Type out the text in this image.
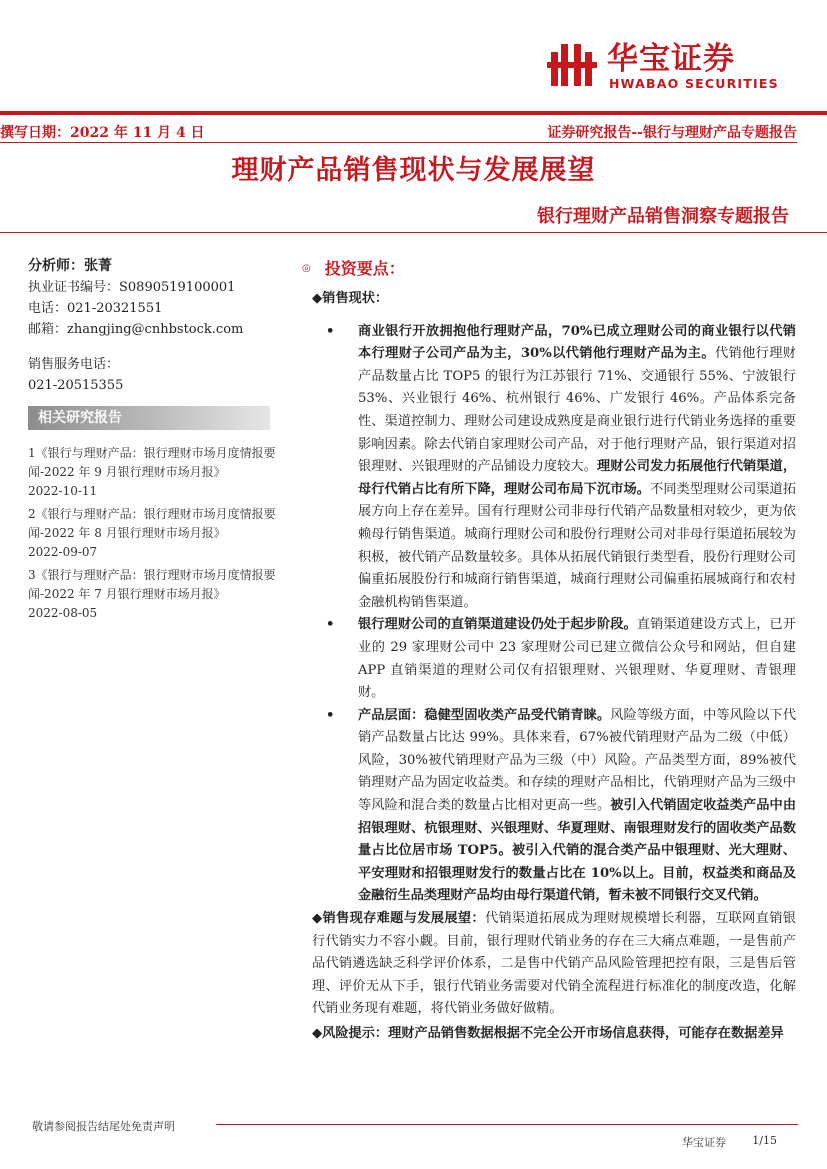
华宝证券
HWABAO SECURITIES
撰写日期：2022 年 11 月 4 日	证券研究报告--银行与理财产品专题报告
理财产品销售现状与发展展望
银行理财产品销售洞察专题报告
分析师：张菁
执业证书编号：S0890519100001
电话：021-20321551
邮箱：zhangjing@cnhbstock.com
销售服务电话：
021-20515355
相关研究报告
1《银行与理财产品：银行理财市场月度情报要闻-2022 年 9 月银行理财市场月报》
2022-10-11
2《银行与理财产品：银行理财市场月度情报要闻-2022 年 8 月银行理财市场月报》
2022-09-07
3《银行与理财产品：银行理财市场月度情报要闻-2022 年 7 月银行理财市场月报》
2022-08-05
◎ 投资要点：
◆销售现状：
• 商业银行开放拥抱他行理财产品，70%已成立理财公司的商业银行以代销本行理财子公司产品为主，30%以代销他行理财产品为主。代销他行理财产品数量占比 TOP5 的银行为江苏银行 71%、交通银行 55%、宁波银行 53%、兴业银行 46%、杭州银行 46%、广发银行 46%。产品体系完备性、渠道控制力、理财公司建设成熟度是商业银行进行代销业务选择的重要影响因素。除去代销自家理财公司产品，对于他行理财产品，银行渠道对招银理财、兴银理财的产品铺设力度较大。理财公司发力拓展他行代销渠道，母行代销占比有所下降，理财公司布局下沉市场。不同类型理财公司渠道拓展方向上存在差异。国有行理财公司非母行代销产品数量相对较少，更为依赖母行销售渠道。城商行理财公司和股份行理财公司对非母行渠道拓展较为积极，被代销产品数量较多。具体从拓展代销银行类型看，股份行理财公司偏重拓展股份行和城商行销售渠道，城商行理财公司偏重拓展城商行和农村金融机构销售渠道。
• 银行理财公司的直销渠道建设仍处于起步阶段。直销渠道建设方式上，已开业的 29 家理财公司中 23 家理财公司已建立微信公众号和网站，但自建 APP 直销渠道的理财公司仅有招银理财、兴银理财、华夏理财、青银理财。
• 产品层面：稳健型固收类产品受代销青睐。风险等级方面，中等风险以下代销产品数量占比达 99%。具体来看，67%被代销理财产品为二级（中低）风险，30%被代销理财产品为三级（中）风险。产品类型方面，89%被代销理财产品为固定收益类。和存续的理财产品相比，代销理财产品为三级中等风险和混合类的数量占比相对更高一些。被引入代销固定收益类产品中由招银理财、杭银理财、兴银理财、华夏理财、南银理财发行的固收类产品数量占比位居市场 TOP5。被引入代销的混合类产品中银理财、光大理财、平安理财和招银理财发行的数量占比在 10%以上。目前，权益类和商品及金融衍生品类理财产品均由母行渠道代销，暂未被不同银行交叉代销。
◆销售现存难题与发展展望：代销渠道拓展成为理财规模增长利器，互联网直销银行代销实力不容小觑。目前，银行理财代销业务的存在三大痛点难题，一是售前产品代销遴选缺乏科学评价体系，二是售中代销产品风险管理把控有限，三是售后管理、评价无从下手，银行代销业务需要对代销全流程进行标准化的制度改造，化解代销业务现有难题，将代销业务做好做精。
◆风险提示：理财产品销售数据根据不完全公开市场信息获得，可能存在数据差异
敬请参阅报告结尾处免责声明
华宝证券 1/15
